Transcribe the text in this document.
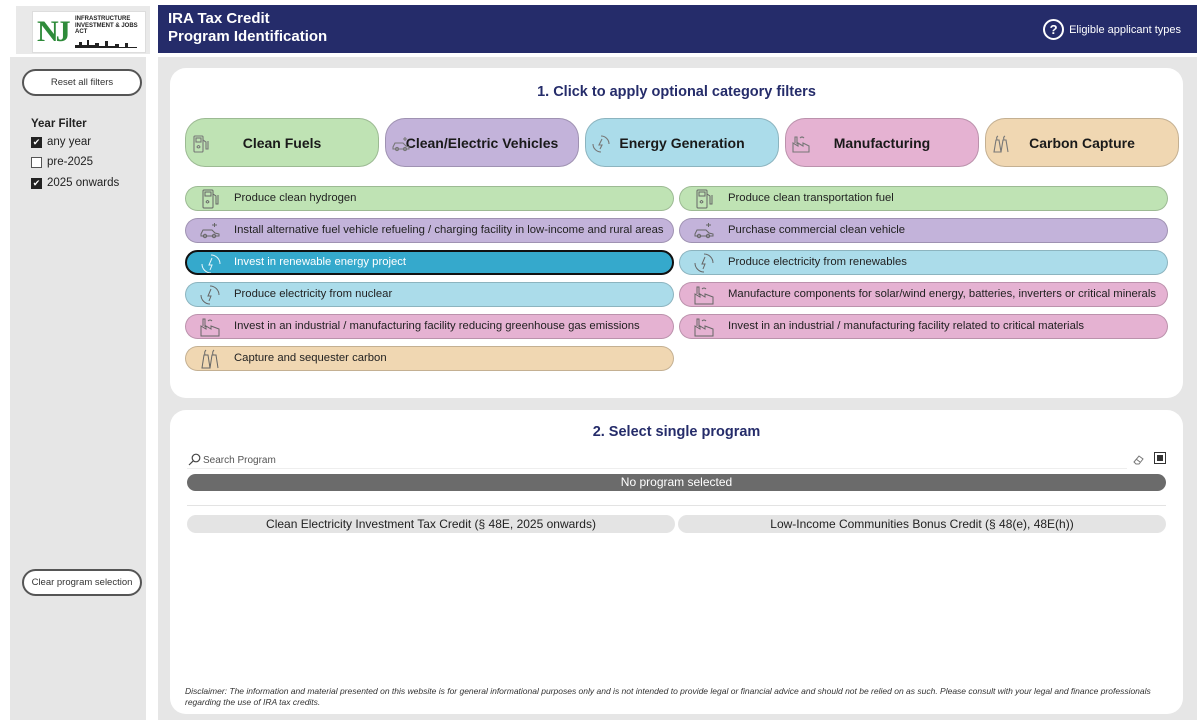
NJ INFRASTRUCTURE INVESTMENT & JOBS ACT
IRA Tax Credit
Program Identification	?	Eligible applicant types
Reset all filters
Year Filter
✔ any year
pre-2025
✔ 2025 onwards
Clear program selection
1. Click to apply optional category filters
Clean Fuels	Clean/Electric Vehicles	Energy Generation	Manufacturing	Carbon Capture
Produce clean hydrogen	Produce clean transportation fuel
Install alternative fuel vehicle refueling / charging facility in low-income and rural areas	Purchase commercial clean vehicle
Invest in renewable energy project	Produce electricity from renewables
Produce electricity from nuclear	Manufacture components for solar/wind energy, batteries, inverters or critical minerals
Invest in an industrial / manufacturing facility reducing greenhouse gas emissions	Invest in an industrial / manufacturing facility related to critical materials
Capture and sequester carbon
2. Select single program
Search Program
No program selected
Clean Electricity Investment Tax Credit (§ 48E, 2025 onwards)	Low-Income Communities Bonus Credit (§ 48(e), 48E(h))
Disclaimer: The information and material presented on this website is for general informational purposes only and is not intended to provide legal or financial advice and should not be relied on as such. Please consult with your legal and finance professionals regarding the use of IRA tax credits.
